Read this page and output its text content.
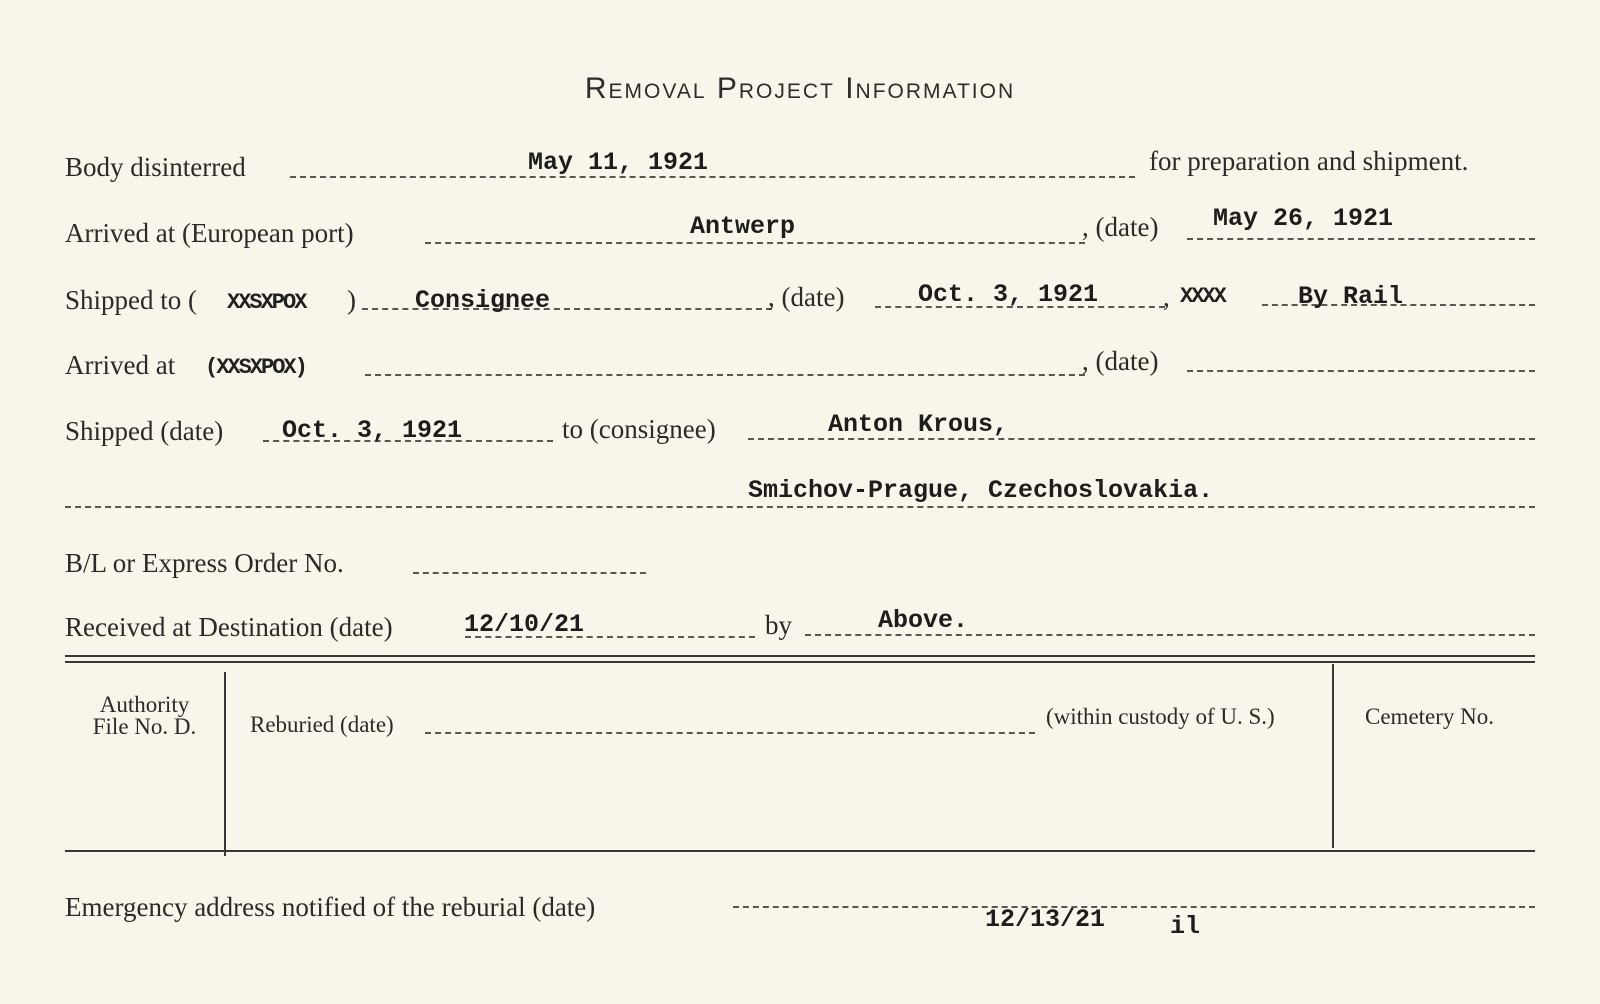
Removal Project Information
Body disinterred	May 11, 1921	for preparation and shipment.
Arrived at (European port)	Antwerp	, (date) May 26, 1921
Shipped to ( XXSXPOX ) Consignee	, (date)	Oct. 3, 1921 , XXXX	By Rail
Arrived at (XXSXPOX)	, (date)
Shipped (date) Oct. 3, 1921	to (consignee)	Anton Krous,
Smichov-Prague, Czechoslovakia.
B/L or Express Order No.
Received at Destination (date)	12/10/21	by	Above.
Authority
File No. D.	Reburied (date)	(within custody of U. S.)	Cemetery No.
Emergency address notified of the reburial (date)	12/13/21	il
